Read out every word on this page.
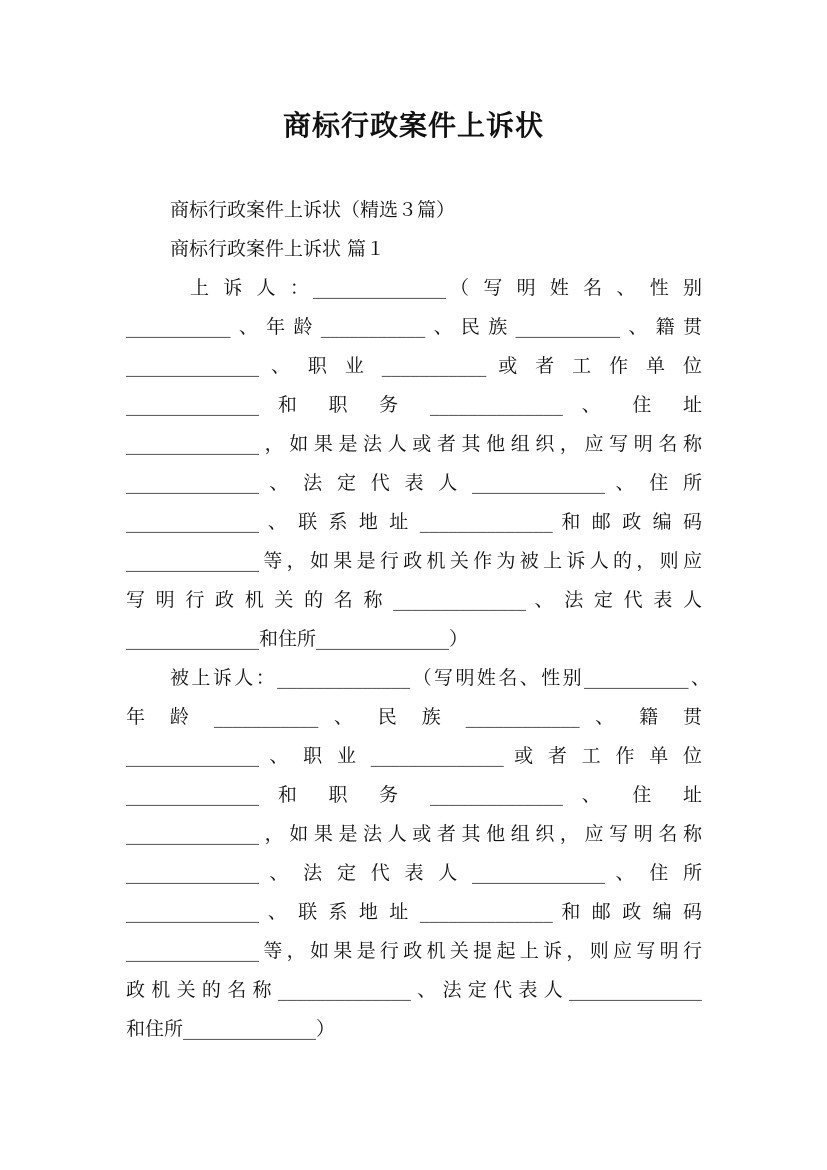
商标行政案件上诉状
商标行政案件上诉状（精选３篇）
商标行政案件上诉状 篇１
上 诉 人 ：______________（ 写 明 姓 名 、 性 别
___________、年龄___________、民族___________、籍贯
______________ 、 职 业 ___________ 或 者 工 作 单 位
______________ 和 职 务 ______________ 、 住 址
______________，如果是法人或者其他组织，应写明名称
______________ 、 法 定 代 表 人 ______________ 、 住 所
______________ 、 联 系 地 址 ______________ 和 邮 政 编 码
______________等，如果是行政机关作为被上诉人的，则应
写 明 行 政 机 关 的 名 称 ______________ 、 法 定 代 表 人
______________和住所______________）
被上诉人：______________（写明姓名、性别___________、
年 龄 ___________ 、 民 族 ____________ 、 籍 贯
______________ 、 职 业 ______________ 或 者 工 作 单 位
______________ 和 职 务 ______________ 、 住 址
______________，如果是法人或者其他组织，应写明名称
______________ 、 法 定 代 表 人 ______________ 、 住 所
______________ 、 联 系 地 址 ______________ 和 邮 政 编 码
______________等，如果是行政机关提起上诉，则应写明行
政机关的名称______________、法定代表人______________
和住所______________）
